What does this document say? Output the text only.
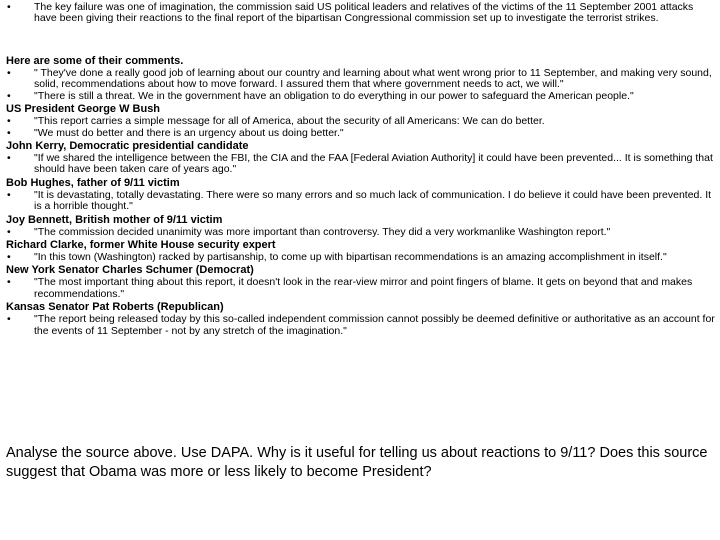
• The key failure was one of imagination, the commission said US political leaders and relatives of the victims of the 11 September 2001 attacks have been giving their reactions to the final report of the bipartisan Congressional commission set up to investigate the terrorist strikes.
Here are some of their comments.
• " They've done a really good job of learning about our country and learning about what went wrong prior to 11 September, and making very sound, solid, recommendations about how to move forward. I assured them that where government needs to act, we will."
• "There is still a threat. We in the government have an obligation to do everything in our power to safeguard the American people."
US President George W Bush
• "This report carries a simple message for all of America, about the security of all Americans: We can do better.
• "We must do better and there is an urgency about us doing better."
John Kerry, Democratic presidential candidate
• "If we shared the intelligence between the FBI, the CIA and the FAA [Federal Aviation Authority] it could have been prevented... It is something that should have been taken care of years ago."
Bob Hughes, father of 9/11 victim
• "It is devastating, totally devastating. There were so many errors and so much lack of communication. I do believe it could have been prevented. It is a horrible thought."
Joy Bennett, British mother of 9/11 victim
• "The commission decided unanimity was more important than controversy. They did a very workmanlike Washington report."
Richard Clarke, former White House security expert
• "In this town (Washington) racked by partisanship, to come up with bipartisan recommendations is an amazing accomplishment in itself."
New York Senator Charles Schumer (Democrat)
• "The most important thing about this report, it doesn't look in the rear-view mirror and point fingers of blame. It gets on beyond that and makes recommendations."
Kansas Senator Pat Roberts (Republican)
• "The report being released today by this so-called independent commission cannot possibly be deemed definitive or authoritative as an account for the events of 11 September - not by any stretch of the imagination."
Analyse the source above. Use DAPA. Why is it useful for telling us about reactions to 9/11? Does this source suggest that Obama was more or less likely to become President?
